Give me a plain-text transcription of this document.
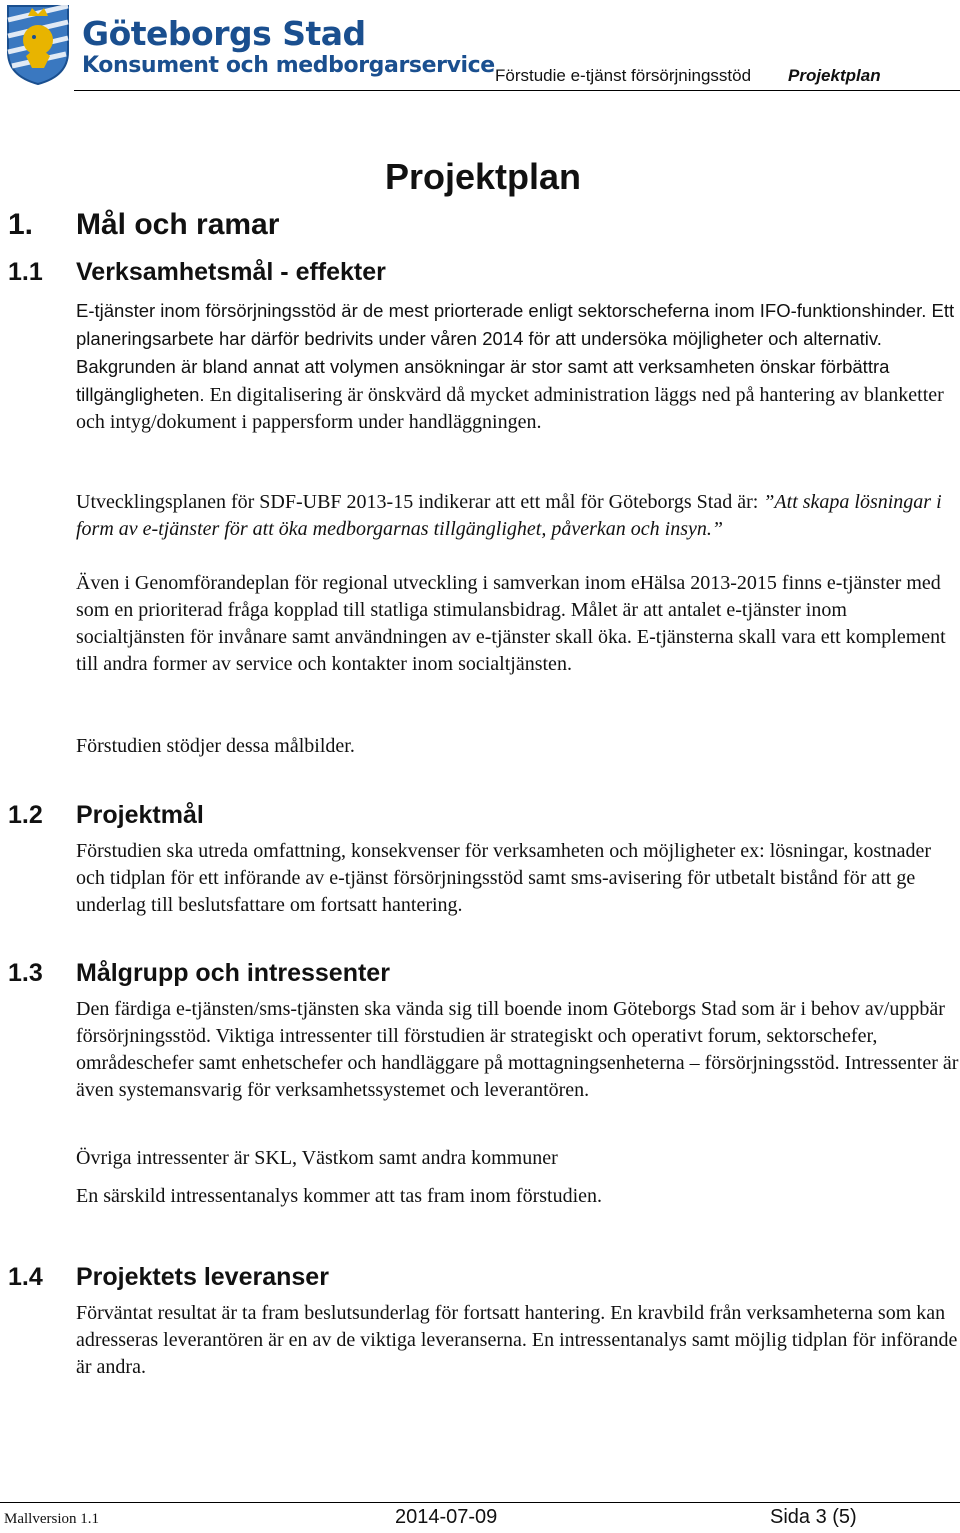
Göteborgs Stad
Konsument och medborgarservice Förstudie e-tjänst försörjningsstöd Projektplan
Projektplan
1. Mål och ramar
1.1 Verksamhetsmål - effekter

E-tjänster inom försörjningsstöd är de mest priorterade enligt sektorscheferna inom IFO-funktionshinder. Ett planeringsarbete har därför bedrivits under våren 2014 för att undersöka möjligheter och alternativ. Bakgrunden är bland annat att volymen ansökningar är stor samt att verksamheten önskar förbättra tillgängligheten. En digitalisering är önskvärd då mycket administration läggs ned på hantering av blanketter och intyg/dokument i pappersform under handläggningen.

Utvecklingsplanen för SDF-UBF 2013-15 indikerar att ett mål för Göteborgs Stad är: ”Att skapa lösningar i form av e-tjänster för att öka medborgarnas tillgänglighet, påverkan och insyn.”

Även i Genomförandeplan för regional utveckling i samverkan inom eHälsa 2013-2015 finns e-tjänster med som en prioriterad fråga kopplad till statliga stimulansbidrag. Målet är att antalet e-tjänster inom socialtjänsten för invånare samt användningen av e-tjänster skall öka. E-tjänsterna skall vara ett komplement till andra former av service och kontakter inom socialtjänsten.

Förstudien stödjer dessa målbilder.

1.2 Projektmål

Förstudien ska utreda omfattning, konsekvenser för verksamheten och möjligheter ex: lösningar, kostnader och tidplan för ett införande av e-tjänst försörjningsstöd samt sms-avisering för utbetalt bistånd för att ge underlag till beslutsfattare om fortsatt hantering.

1.3 Målgrupp och intressenter

Den färdiga e-tjänsten/sms-tjänsten ska vända sig till boende inom Göteborgs Stad som är i behov av/uppbär försörjningsstöd. Viktiga intressenter till förstudien är strategiskt och operativt forum, sektorschefer, områdeschefer samt enhetschefer och handläggare på mottagningsenheterna – försörjningsstöd. Intressenter är även systemansvarig för verksamhetssystemet och leverantören.

Övriga intressenter är SKL, Västkom samt andra kommuner

En särskild intressentanalys kommer att tas fram inom förstudien.

1.4 Projektets leveranser

Förväntat resultat är ta fram beslutsunderlag för fortsatt hantering. En kravbild från verksamheterna som kan adresseras leverantören är en av de viktiga leveranserna. En intressentanalys samt möjlig tidplan för införande är andra.

Mallversion 1.1	2014-07-09	Sida 3 (5)
